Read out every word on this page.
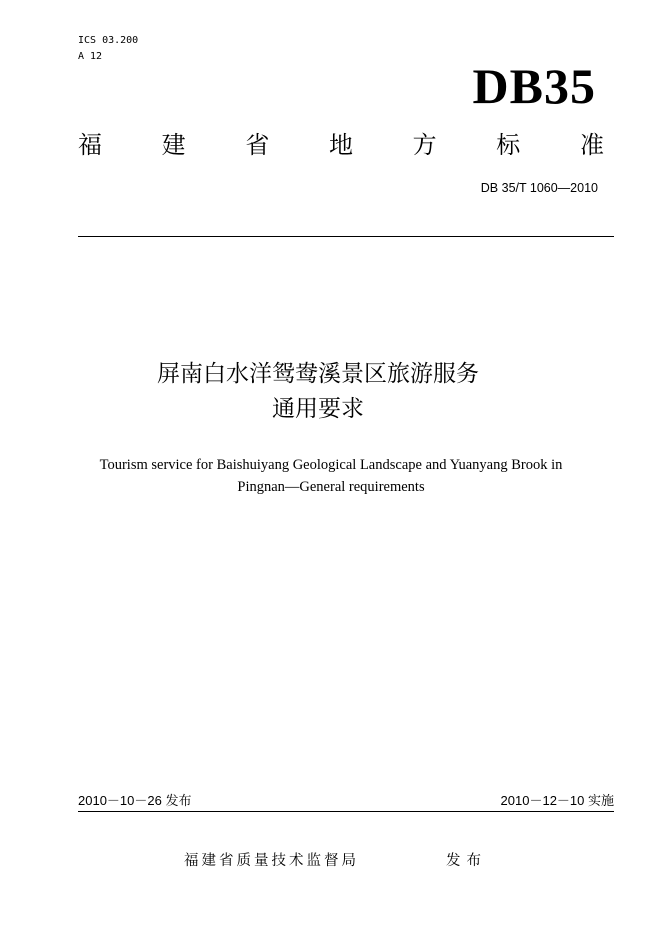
ICS 03.200
A 12
DB35
福 建 省 地 方 标 准
DB 35/T 1060—2010
屏南白水洋鸳鸯溪景区旅游服务
通用要求
Tourism service for Baishuiyang Geological Landscape and Yuanyang Brook in
Pingnan—General requirements
2010－10－26 发布	2010－12－10 实施
福建省质量技术监督局	发布
